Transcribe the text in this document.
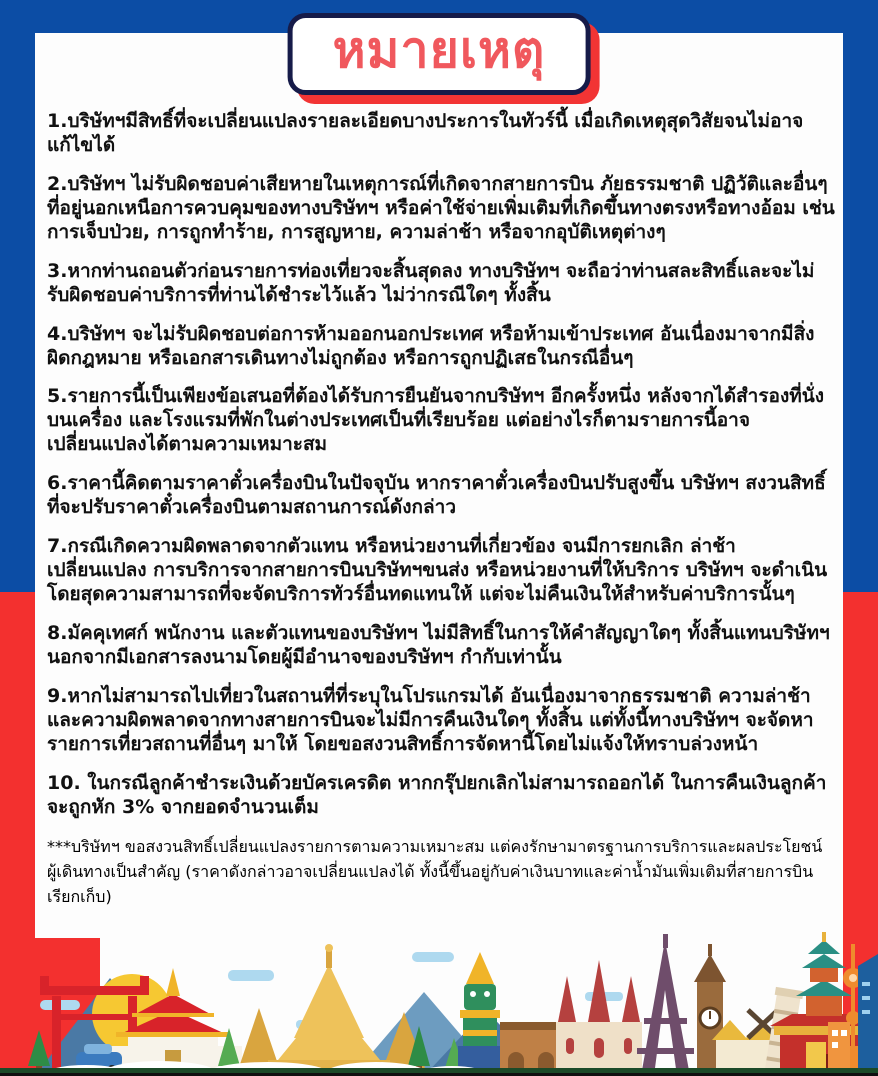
หมายเหตุ

1.บริษัทฯมีสิทธิ์ที่จะเปลี่ยนแปลงรายละเอียดบางประการในทัวร์นี้ เมื่อเกิดเหตุสุดวิสัยจนไม่อาจแก้ไขได้

2.บริษัทฯ ไม่รับผิดชอบค่าเสียหายในเหตุการณ์ที่เกิดจากสายการบิน ภัยธรรมชาติ ปฏิวัติและอื่นๆ ที่อยู่นอกเหนือการควบคุมของทางบริษัทฯ หรือค่าใช้จ่ายเพิ่มเติมที่เกิดขึ้นทางตรงหรือทางอ้อม เช่น การเจ็บป่วย, การถูกทำร้าย, การสูญหาย, ความล่าช้า หรือจากอุบัติเหตุต่างๆ

3.หากท่านถอนตัวก่อนรายการท่องเที่ยวจะสิ้นสุดลง ทางบริษัทฯ จะถือว่าท่านสละสิทธิ์และจะไม่รับผิดชอบค่าบริการที่ท่านได้ชำระไว้แล้ว ไม่ว่ากรณีใดๆ ทั้งสิ้น

4.บริษัทฯ จะไม่รับผิดชอบต่อการห้ามออกนอกประเทศ หรือห้ามเข้าประเทศ อันเนื่องมาจากมีสิ่งผิดกฎหมาย หรือเอกสารเดินทางไม่ถูกต้อง หรือการถูกปฏิเสธในกรณีอื่นๆ

5.รายการนี้เป็นเพียงข้อเสนอที่ต้องได้รับการยืนยันจากบริษัทฯ อีกครั้งหนึ่ง หลังจากได้สำรองที่นั่งบนเครื่อง และโรงแรมที่พักในต่างประเทศเป็นที่เรียบร้อย แต่อย่างไรก็ตามรายการนี้อาจเปลี่ยนแปลงได้ตามความเหมาะสม

6.ราคานี้คิดตามราคาตั๋วเครื่องบินในปัจจุบัน หากราคาตั๋วเครื่องบินปรับสูงขึ้น บริษัทฯ สงวนสิทธิ์ที่จะปรับราคาตั๋วเครื่องบินตามสถานการณ์ดังกล่าว

7.กรณีเกิดความผิดพลาดจากตัวแทน หรือหน่วยงานที่เกี่ยวข้อง จนมีการยกเลิก ล่าช้า เปลี่ยนแปลง การบริการจากสายการบินบริษัทฯขนส่ง หรือหน่วยงานที่ให้บริการ บริษัทฯ จะดำเนินโดยสุดความสามารถที่จะจัดบริการทัวร์อื่นทดแทนให้ แต่จะไม่คืนเงินให้สำหรับค่าบริการนั้นๆ

8.มัคคุเทศก์ พนักงาน และตัวแทนของบริษัทฯ ไม่มีสิทธิ์ในการให้คำสัญญาใดๆ ทั้งสิ้นแทนบริษัทฯ นอกจากมีเอกสารลงนามโดยผู้มีอำนาจของบริษัทฯ กำกับเท่านั้น

9.หากไม่สามารถไปเที่ยวในสถานที่ที่ระบุในโปรแกรมได้ อันเนื่องมาจากธรรมชาติ ความล่าช้า และความผิดพลาดจากทางสายการบินจะไม่มีการคืนเงินใดๆ ทั้งสิ้น แต่ทั้งนี้ทางบริษัทฯ จะจัดหารายการเที่ยวสถานที่อื่นๆ มาให้ โดยขอสงวนสิทธิ์การจัดหานี้โดยไม่แจ้งให้ทราบล่วงหน้า

10. ในกรณีลูกค้าชำระเงินด้วยบัครเครดิต หากกรุ๊ปยกเลิกไม่สามารถออกได้ ในการคืนเงินลูกค้าจะถูกหัก 3% จากยอดจำนวนเต็ม

***บริษัทฯ ขอสงวนสิทธิ์เปลี่ยนแปลงรายการตามความเหมาะสม แต่คงรักษามาตรฐานการบริการและผลประโยชน์
ผู้เดินทางเป็นสำคัญ (ราคาดังกล่าวอาจเปลี่ยนแปลงได้ ทั้งนี้ขึ้นอยู่กับค่าเงินบาทและค่าน้ำมันเพิ่มเติมที่สายการบินเรียกเก็บ)
